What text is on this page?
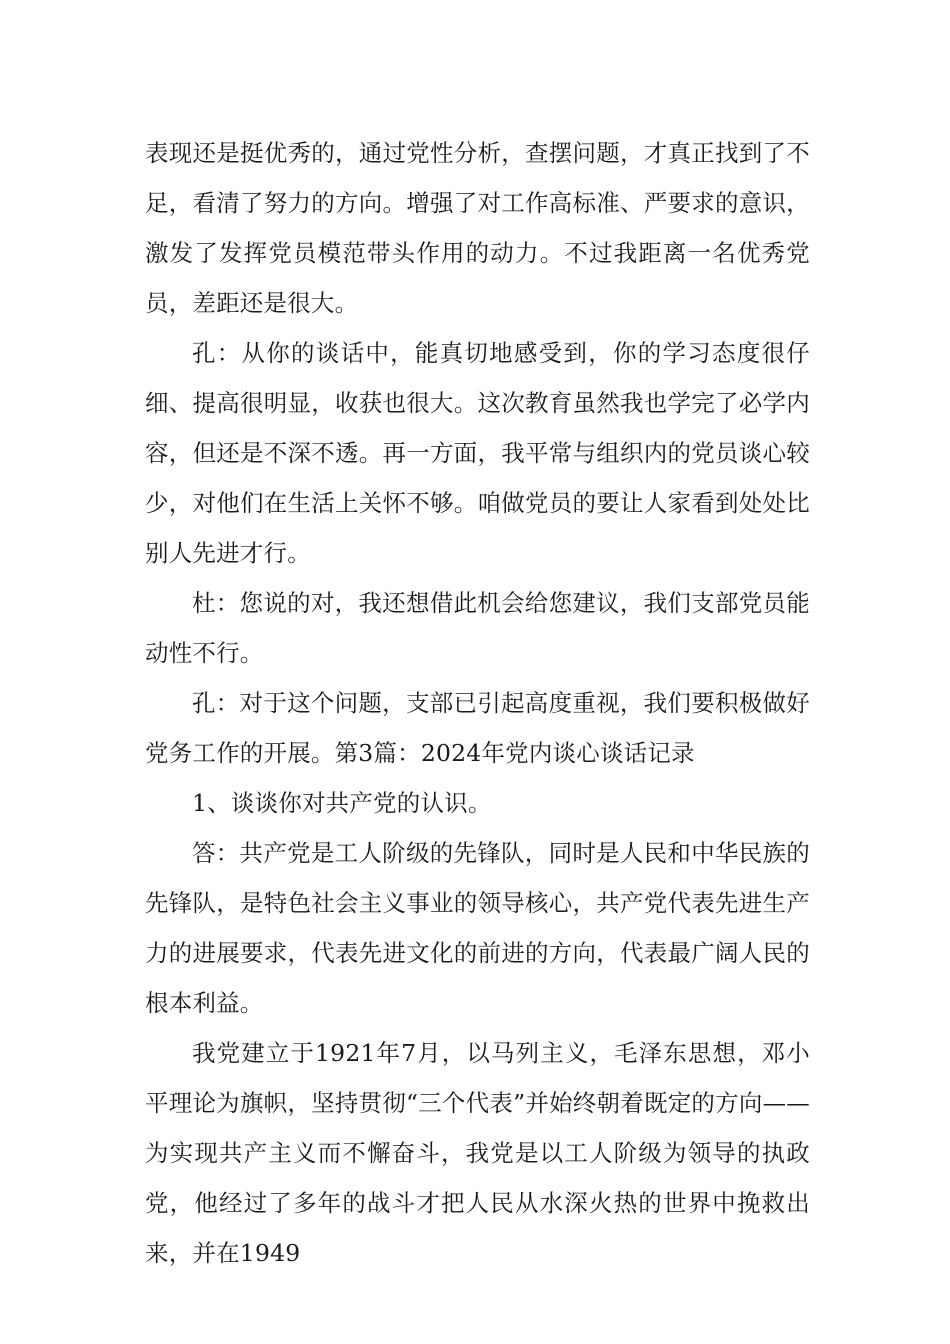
表现还是挺优秀的，通过党性分析，查摆问题，才真正找到了不足，看清了努力的方向。增强了对工作高标准、严要求的意识，激发了发挥党员模范带头作用的动力。不过我距离一名优秀党员，差距还是很大。

孔：从你的谈话中，能真切地感受到，你的学习态度很仔细、提高很明显，收获也很大。这次教育虽然我也学完了必学内容，但还是不深不透。再一方面，我平常与组织内的党员谈心较少，对他们在生活上关怀不够。咱做党员的要让人家看到处处比别人先进才行。

杜：您说的对，我还想借此机会给您建议，我们支部党员能动性不行。

孔：对于这个问题，支部已引起高度重视，我们要积极做好党务工作的开展。第3篇：2024年党内谈心谈话记录

1、谈谈你对共产党的认识。

答：共产党是工人阶级的先锋队，同时是人民和中华民族的先锋队，是特色社会主义事业的领导核心，共产党代表先进生产力的进展要求，代表先进文化的前进的方向，代表最广阔人民的根本利益。

我党建立于1921年7月，以马列主义，毛泽东思想，邓小平理论为旗帜，坚持贯彻“三个代表”并始终朝着既定的方向——为实现共产主义而不懈奋斗，我党是以工人阶级为领导的执政党，他经过了多年的战斗才把人民从水深火热的世界中挽救出来，并在1949
